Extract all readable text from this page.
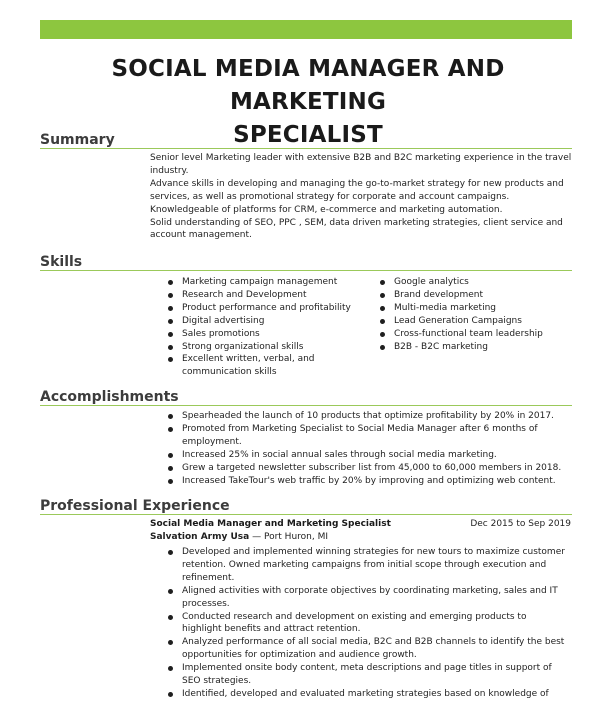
SOCIAL MEDIA MANAGER AND MARKETING
SPECIALIST
Summary
Senior level Marketing leader with extensive B2B and B2C marketing experience in the travel industry.
Advance skills in developing and managing the go-to-market strategy for new products and services, as well as promotional strategy for corporate and account campaigns.
Knowledgeable of platforms for CRM, e-commerce and marketing automation.
Solid understanding of SEO, PPC , SEM, data driven marketing strategies, client service and account management.
Skills
Marketing campaign management
Research and Development
Product performance and profitability
Digital advertising
Sales promotions
Strong organizational skills
Excellent written, verbal, and communication skills
Google analytics
Brand development
Multi-media marketing
Lead Generation Campaigns
Cross-functional team leadership
B2B - B2C marketing
Accomplishments
Spearheaded the launch of 10 products that optimize profitability by 20% in 2017.
Promoted from Marketing Specialist to Social Media Manager after 6 months of employment.
Increased 25% in social annual sales through social media marketing.
Grew a targeted newsletter subscriber list from 45,000 to 60,000 members in 2018.
Increased TakeTour's web traffic by 20% by improving and optimizing web content.
Professional Experience
Social Media Manager and Marketing Specialist	Dec 2015 to Sep 2019
Salvation Army Usa — Port Huron, MI
Developed and implemented winning strategies for new tours to maximize customer retention. Owned marketing campaigns from initial scope through execution and refinement.
Aligned activities with corporate objectives by coordinating marketing, sales and IT processes.
Conducted research and development on existing and emerging products to highlight benefits and attract retention.
Analyzed performance of all social media, B2C and B2B channels to identify the best opportunities for optimization and audience growth.
Implemented onsite body content, meta descriptions and page titles in support of SEO strategies.
Identified, developed and evaluated marketing strategies based on knowledge of
